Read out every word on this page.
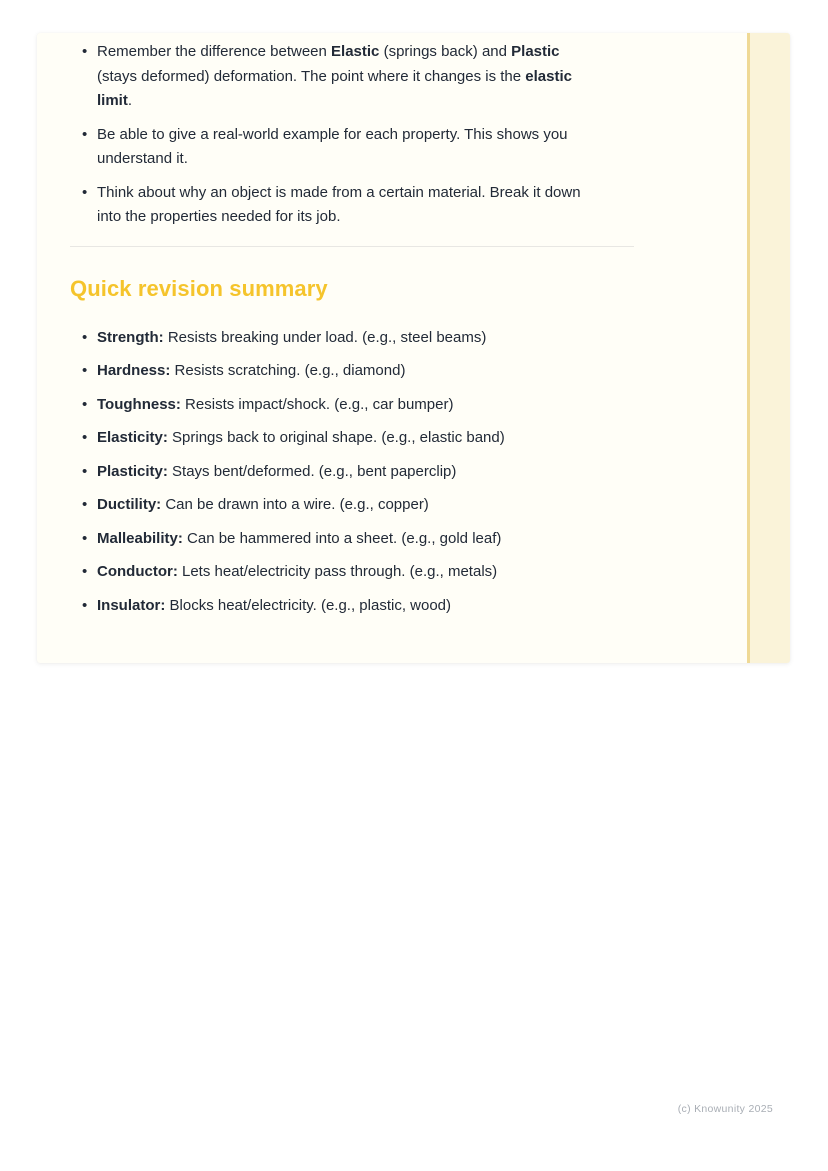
• Remember the difference between Elastic (springs back) and Plastic
(stays deformed) deformation. The point where it changes is the elastic
limit.
• Be able to give a real-world example for each property. This shows you
understand it.
• Think about why an object is made from a certain material. Break it down
into the properties needed for its job.
Quick revision summary
• Strength: Resists breaking under load. (e.g., steel beams)
• Hardness: Resists scratching. (e.g., diamond)
• Toughness: Resists impact/shock. (e.g., car bumper)
• Elasticity: Springs back to original shape. (e.g., elastic band)
• Plasticity: Stays bent/deformed. (e.g., bent paperclip)
• Ductility: Can be drawn into a wire. (e.g., copper)
• Malleability: Can be hammered into a sheet. (e.g., gold leaf)
• Conductor: Lets heat/electricity pass through. (e.g., metals)
• Insulator: Blocks heat/electricity. (e.g., plastic, wood)
(c) Knowunity 2025
